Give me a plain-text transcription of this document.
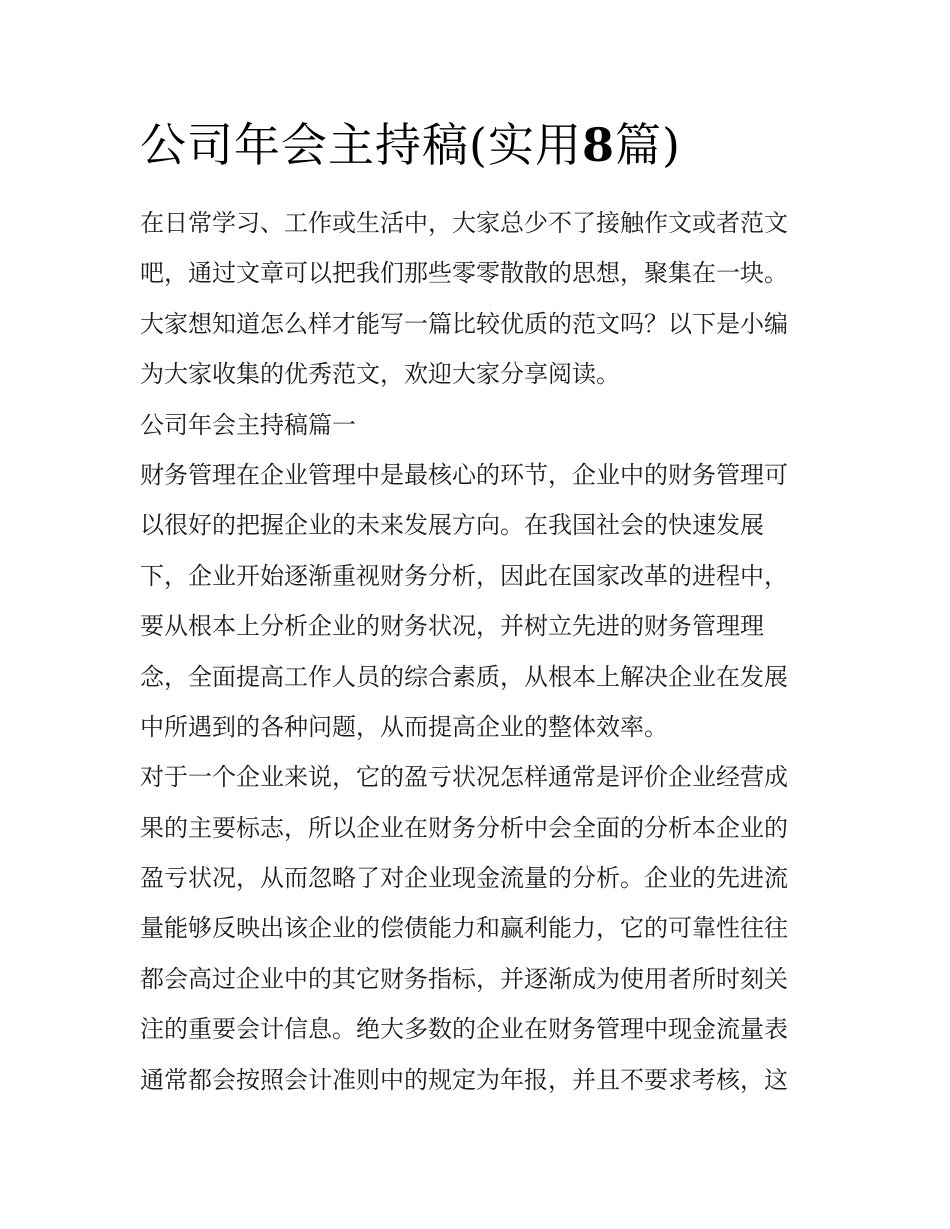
公司年会主持稿(实用8篇)
在日常学习、工作或生活中，大家总少不了接触作文或者范文
吧，通过文章可以把我们那些零零散散的思想，聚集在一块。
大家想知道怎么样才能写一篇比较优质的范文吗？以下是小编
为大家收集的优秀范文，欢迎大家分享阅读。
公司年会主持稿篇一
财务管理在企业管理中是最核心的环节，企业中的财务管理可
以很好的把握企业的未来发展方向。在我国社会的快速发展
下，企业开始逐渐重视财务分析，因此在国家改革的进程中，
要从根本上分析企业的财务状况，并树立先进的财务管理理
念，全面提高工作人员的综合素质，从根本上解决企业在发展
中所遇到的各种问题，从而提高企业的整体效率。
对于一个企业来说，它的盈亏状况怎样通常是评价企业经营成
果的主要标志，所以企业在财务分析中会全面的分析本企业的
盈亏状况，从而忽略了对企业现金流量的分析。企业的先进流
量能够反映出该企业的偿债能力和赢利能力，它的可靠性往往
都会高过企业中的其它财务指标，并逐渐成为使用者所时刻关
注的重要会计信息。绝大多数的企业在财务管理中现金流量表
通常都会按照会计准则中的规定为年报，并且不要求考核，这
